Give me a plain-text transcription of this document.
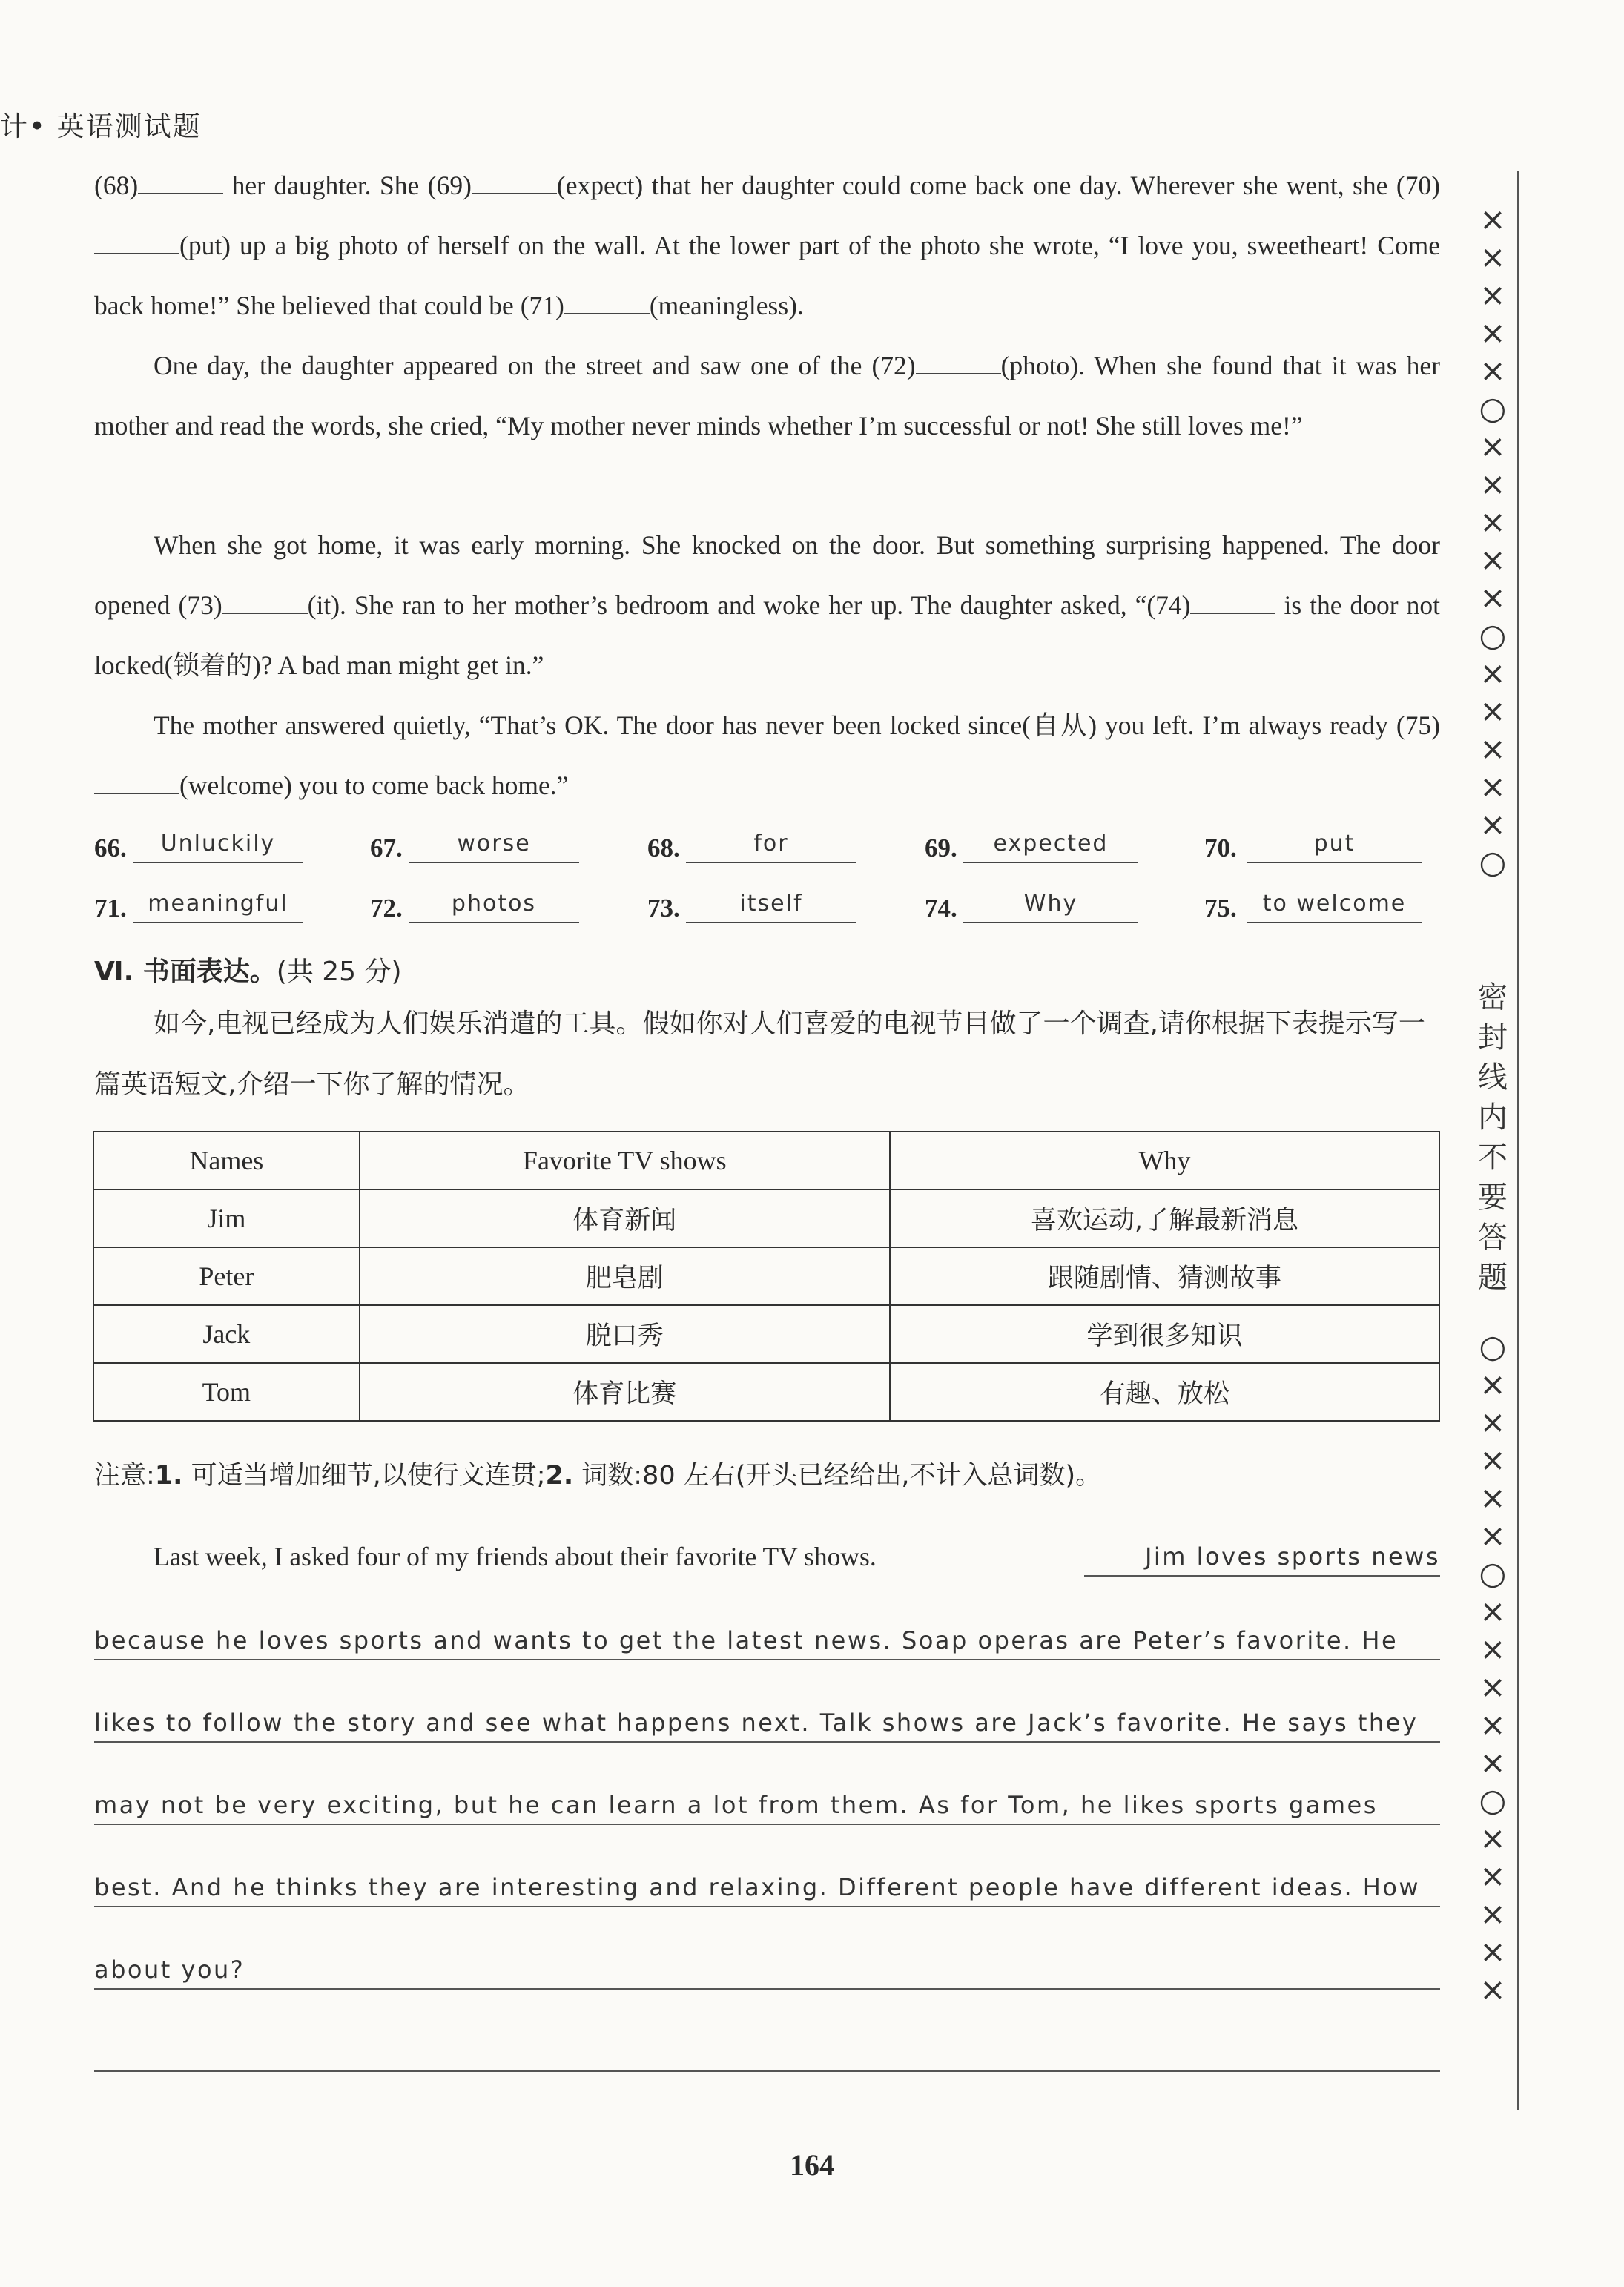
计• 英语测试题
(68)	her daughter. She (69)	(expect) that her daughter could come back one day. Wherever she went, she (70)(put) up a big photo of herself on the wall. At the lower part of the photo she wrote, “I love you, sweetheart! Come back home!” She believed that could be (71)	(meaningless).
One day, the daughter appeared on the street and saw one of the (72)	(photo). When she found that it was her mother and read the words, she cried, “My mother never minds whether I’m successful or not! She still loves me!”
When she got home, it was early morning. She knocked on the door. But something surprising happened. The door opened (73)	(it). She ran to her mother’s bedroom and woke her up. The daughter asked, “(74)	is the door not locked(锁着的)? A bad man might get in.”
The mother answered quietly, “That’s OK. The door has never been locked since(自从) you left. I’m always ready (75)(welcome) you to come back home.”
66.	Unluckily	67.	worse	68.	for	69.	expected	70.	put
71. meaningful	72.	photos	73.	itself	74.	Why	75.	to welcome
Ⅵ. 书面表达。(共 25 分)
如今,电视已经成为人们娱乐消遣的工具。假如你对人们喜爱的电视节目做了一个调查,请你根据下表提示写一篇英语短文,介绍一下你了解的情况。
Names	Favorite TV shows	Why
Jim	体育新闻	喜欢运动,了解最新消息
Peter	肥皂剧	跟随剧情、猜测故事
Jack	脱口秀	学到很多知识
Tom	体育比赛	有趣、放松
注意:1. 可适当增加细节,以使行文连贯;2. 词数:80 左右(开头已经给出,不计入总词数)。
Last week, I asked four of my friends about their favorite TV shows.	Jim loves sports news
because he loves sports and wants to get the latest news. Soap operas are Peter’s favorite. He
likes to follow the story and see what happens next. Talk shows are Jack’s favorite. He says they
may not be very exciting, but he can learn a lot from them. As for Tom, he likes sports games
best. And he thinks they are interesting and relaxing. Different people have different ideas. How
about you?
164
×××××○×××××○×××××○
密封线内不要答题
○×××××○×××××○×××××
